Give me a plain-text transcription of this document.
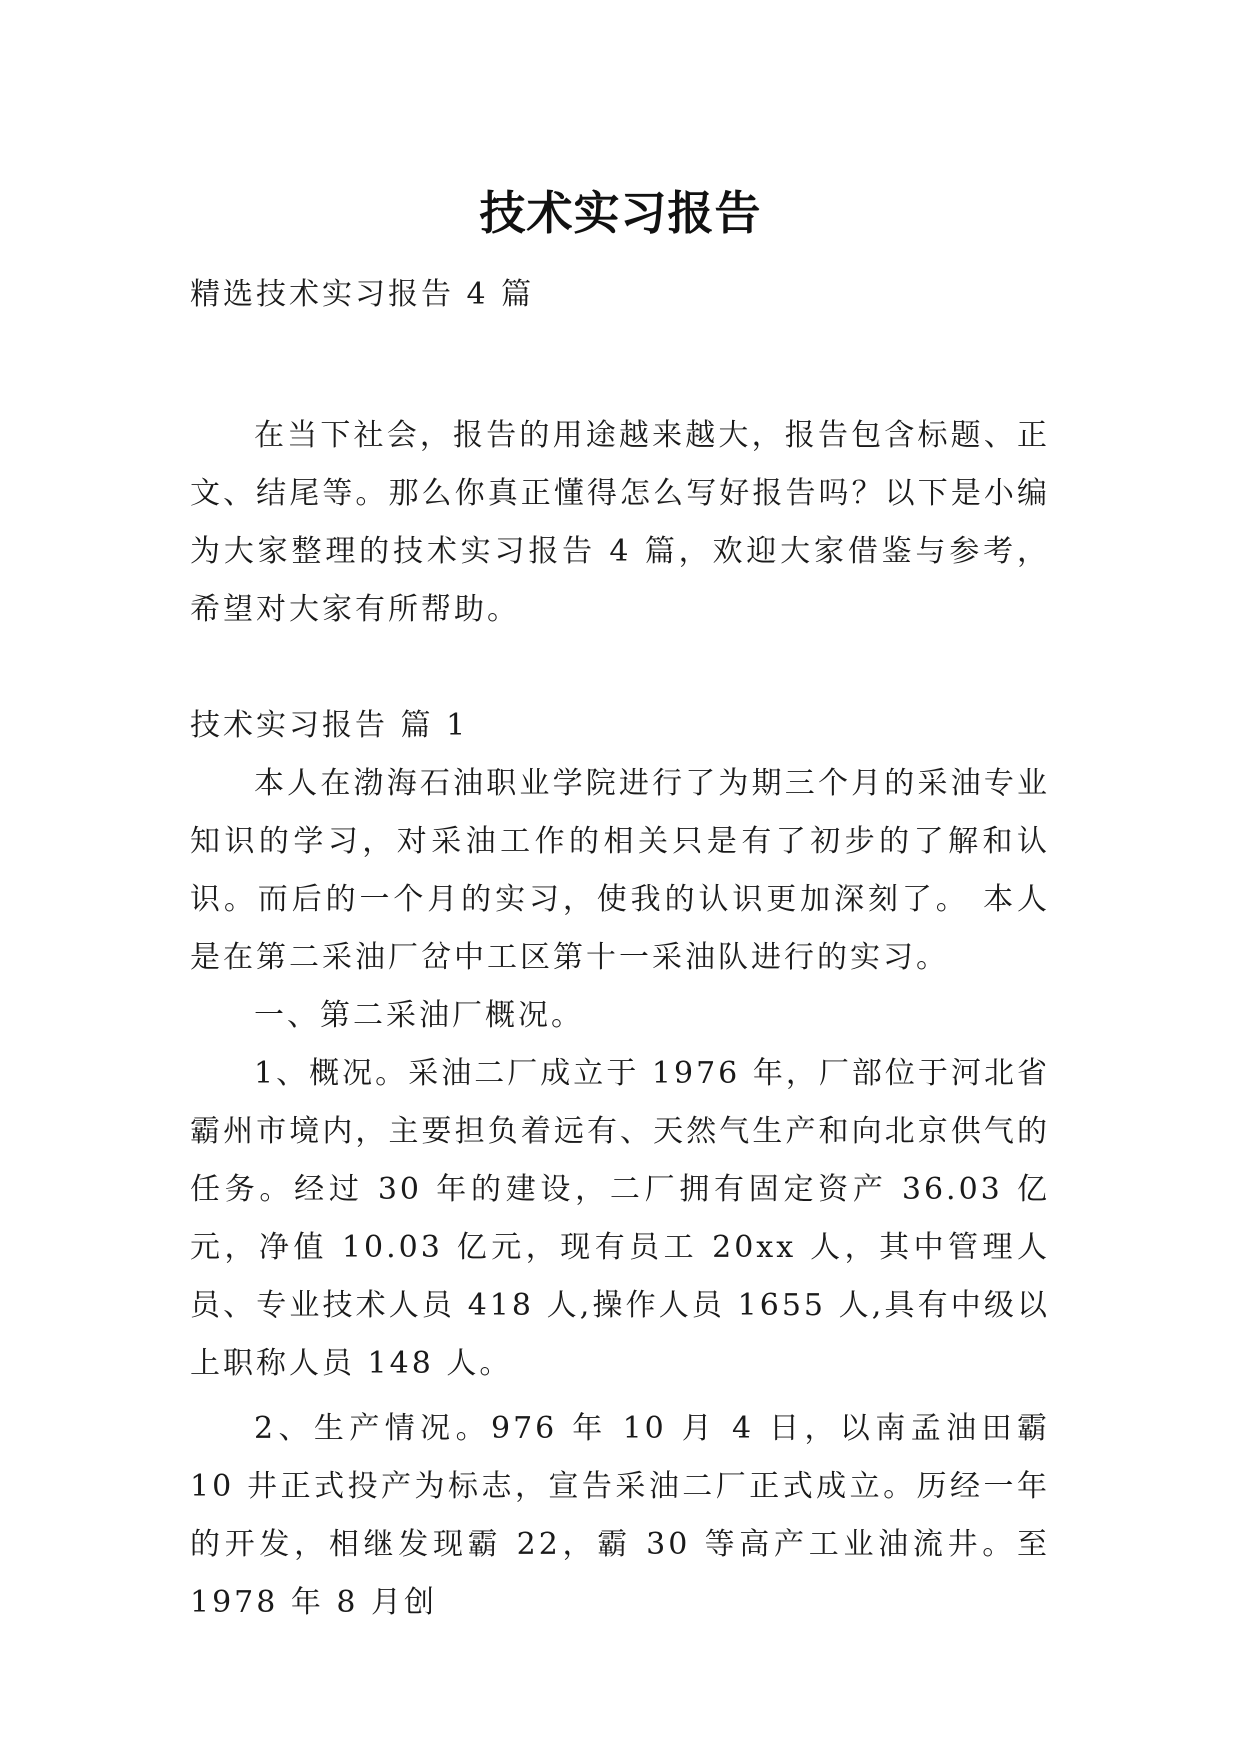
技术实习报告

精选技术实习报告 4 篇

在当下社会，报告的用途越来越大，报告包含标题、正文、结尾等。那么你真正懂得怎么写好报告吗？以下是小编为大家整理的技术实习报告 4 篇，欢迎大家借鉴与参考，希望对大家有所帮助。

技术实习报告 篇 1

本人在渤海石油职业学院进行了为期三个月的采油专业知识的学习，对采油工作的相关只是有了初步的了解和认识。而后的一个月的实习，使我的认识更加深刻了。 本人是在第二采油厂岔中工区第十一采油队进行的实习。

一、第二采油厂概况。

1、概况。采油二厂成立于 1976 年，厂部位于河北省霸州市境内，主要担负着远有、天然气生产和向北京供气的任务。经过 30 年的建设，二厂拥有固定资产 36.03 亿元，净值 10.03 亿元，现有员工 20xx 人，其中管理人员、专业技术人员 418 人,操作人员 1655 人,具有中级以上职称人员 148 人。

2、生产情况。976 年 10 月 4 日，以南孟油田霸 10 井正式投产为标志，宣告采油二厂正式成立。历经一年的开发，相继发现霸 22，霸 30 等高产工业油流井。至 1978 年 8 月创
